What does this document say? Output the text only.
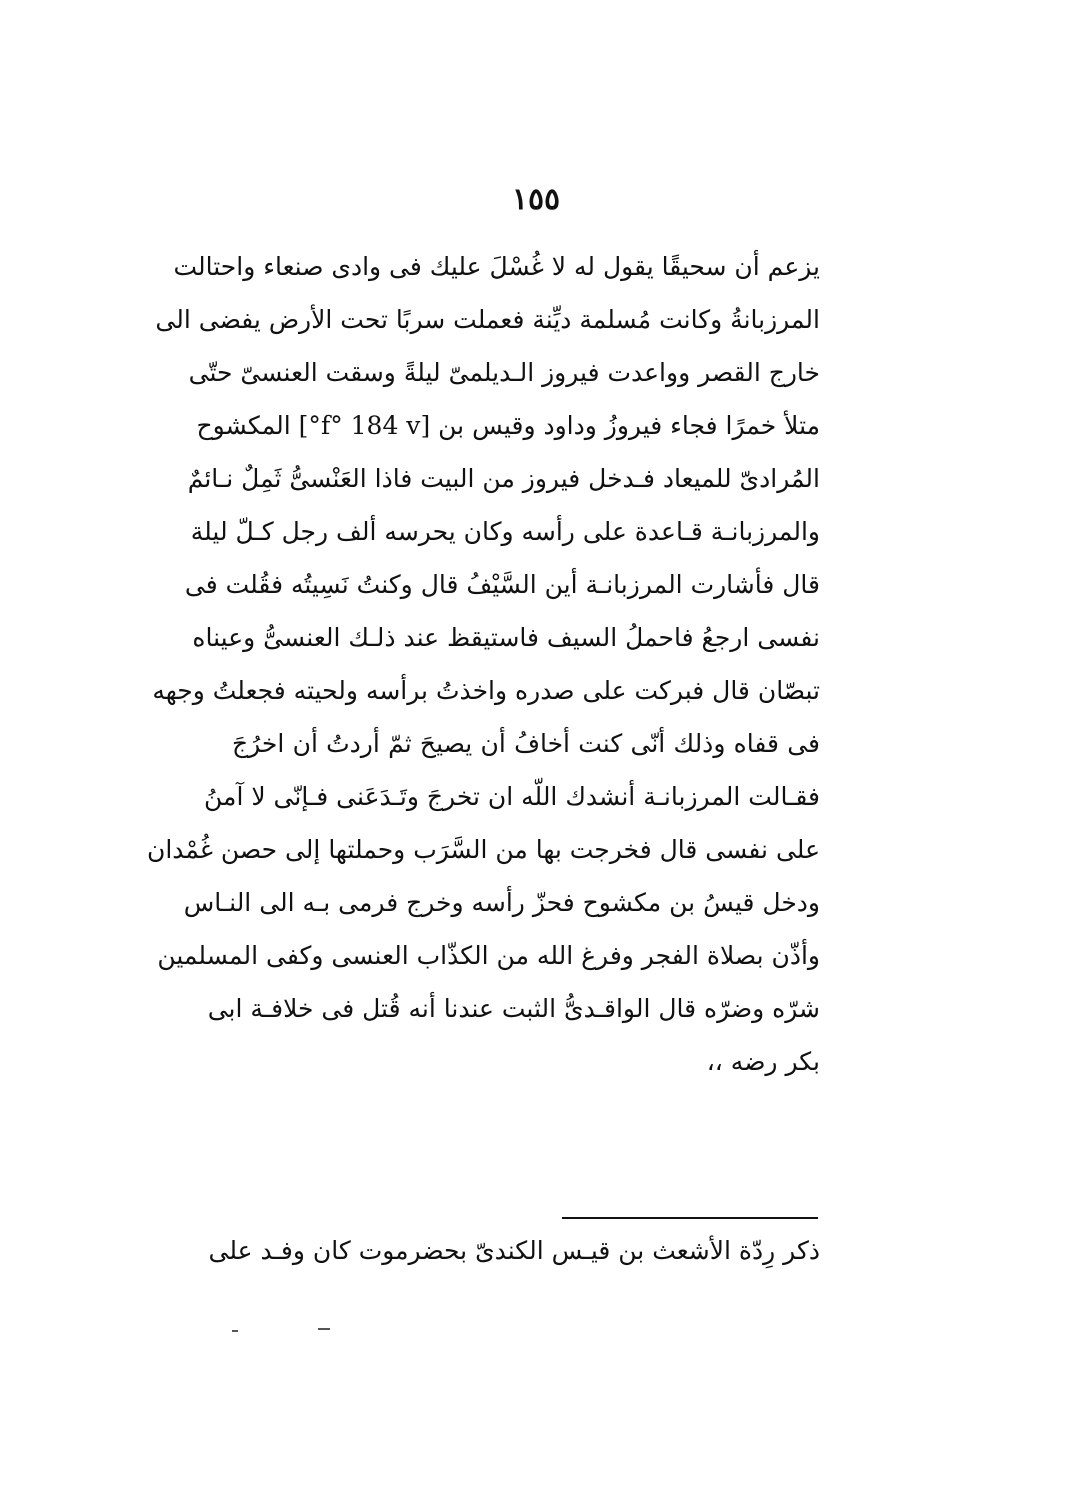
١٥٥
يزعم أن سحيقًا يقول له لا غُسْلَ عليك فى وادى صنعاء واحتالت
المرزبانةُ وكانت مُسلمة ديِّنة فعملت سربًا تحت الأرض يفضى الى
خارج القصر وواعدت فيروز الـديلمىّ ليلةً وسقت العنسىّ حتّى
متلأ خمرًا فجاء فيروزُ وداود وقيس بن [f° 184 v°] المكشوح
المُرادىّ للميعاد فـدخل فيروز من البيت فاذا العَنْسىُّ ثَمِلٌ نـائمٌ
والمرزبانـة قـاعدة على رأسه وكان يحرسه ألف رجل كـلّ ليلة
قال فأشارت المرزبانـة أين السَّيْفُ قال وكنتُ نَسِيتُه فقُلت فى
نفسى ارجعُ فاحملُ السيف فاستيقظ عند ذلـك العنسىُّ وعيناه
تبصّان قال فبركت على صدره واخذتُ برأسه ولحيته فجعلتُ وجهه
فى قفاه وذلك أنّى كنت أخافُ أن يصيحَ ثمّ أردتُ أن اخرُجَ
فقـالت المرزبانـة أنشدك اللّه ان تخرجَ وتَـدَعَنى فـإنّى لا آمنُ
على نفسى قال فخرجت بها من السَّرَب وحملتها إلى حصن غُمْدان
ودخل قيسُ بن مكشوح فحزّ رأسه وخرج فرمى بـه الى النـاس
وأذّن بصلاة الفجر وفرغ الله من الكذّاب العنسى وكفى المسلمين
شرّه وضرّه قال الواقـدىُّ الثبت عندنا أنه قُتل فى خلافـة ابى
بكر رضه ،،
ذكر رِدّة الأشعث بن قيـس الكندىّ بحضرموت كان وفـد على
